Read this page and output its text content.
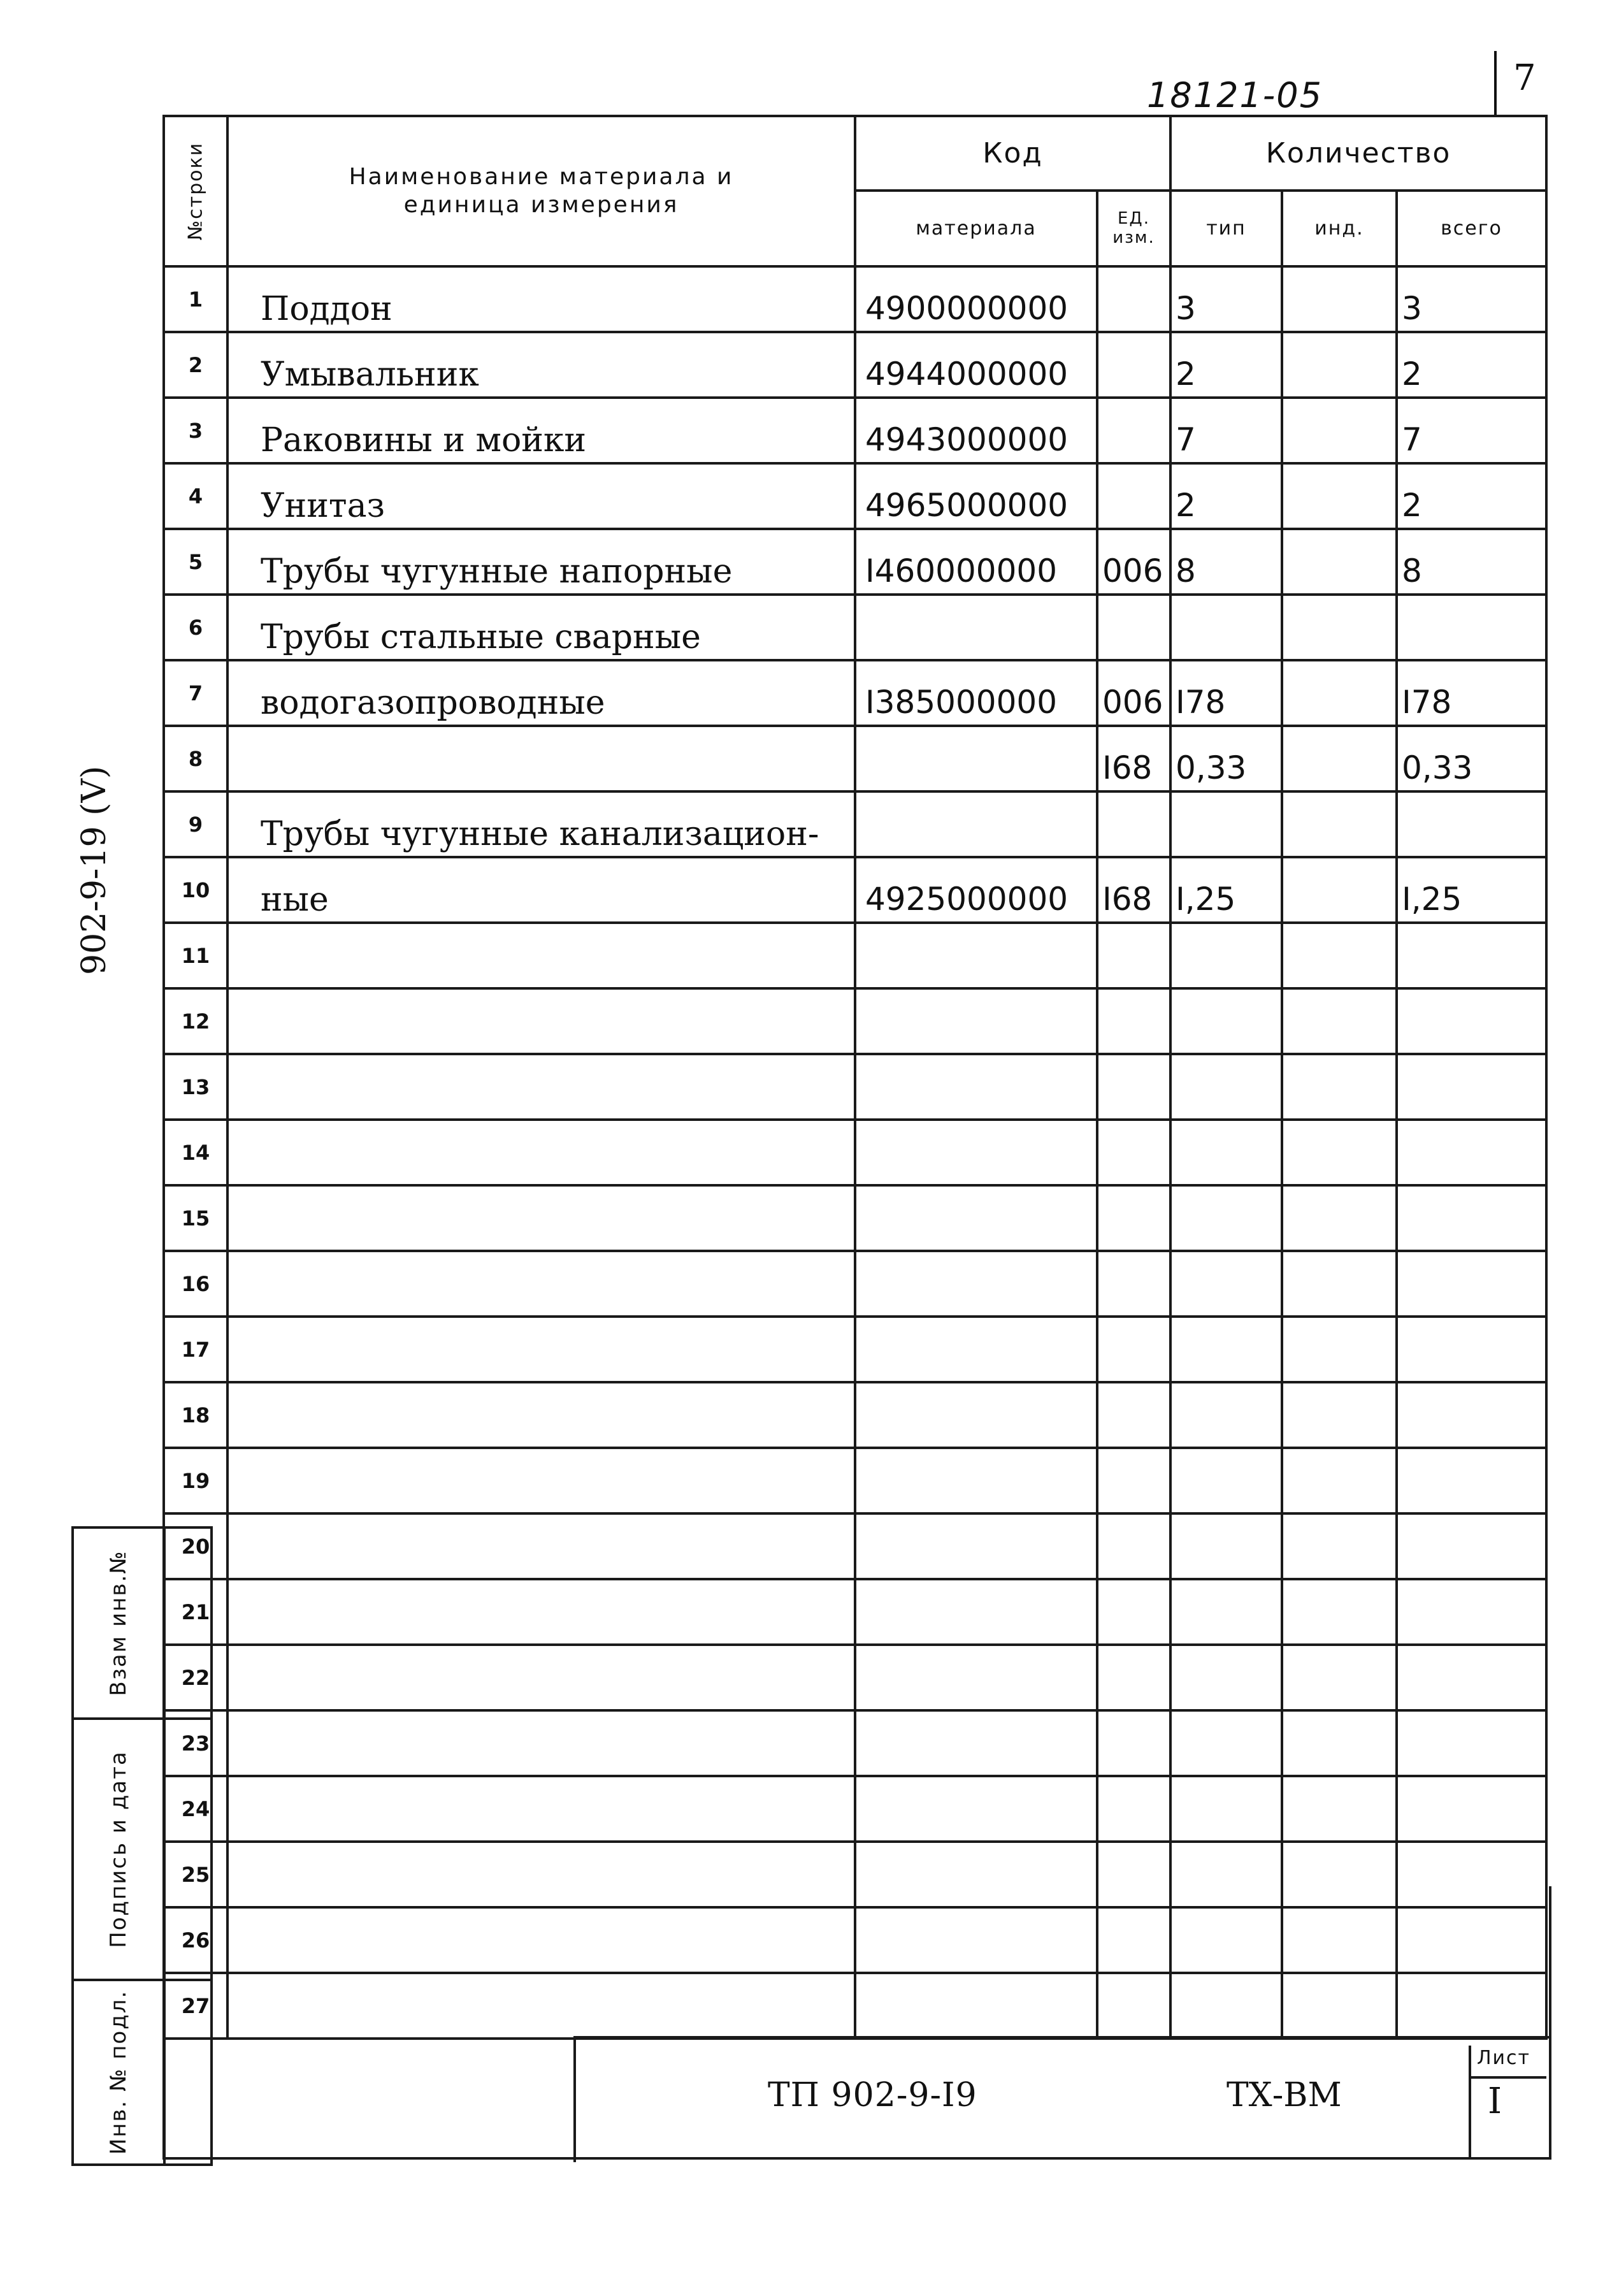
7
18121-05
902-9-19 (V)
№строки	Наименование материала и единица измерения	Код		Количество		
		материала	ЕД. изм.	тип	инд.	всего
1	Поддон	4900000000		3		3
2	Умывальник	4944000000		2		2
3	Раковины и мойки	4943000000		7		7
4	Унитаз	4965000000		2		2
5	Трубы чугунные напорные	I460000000	006	8		8
6	Трубы стальные сварные					
7	водогазопроводные	I385000000	006	I78		I78
8			I68	0,33		0,33
9	Трубы чугунные канализацион-					
10	ные	4925000000	I68	I,25		I,25
11						
12						
13						
14						
15						
16						
17						
18						
19						
20						
21						
22						
23						
24						
25						
26						
27						
Взам инв.№	

Подпись и дата	

Инв. № подл.	
		ТП 902-9-I9	ТХ-ВМ
Лист
I
